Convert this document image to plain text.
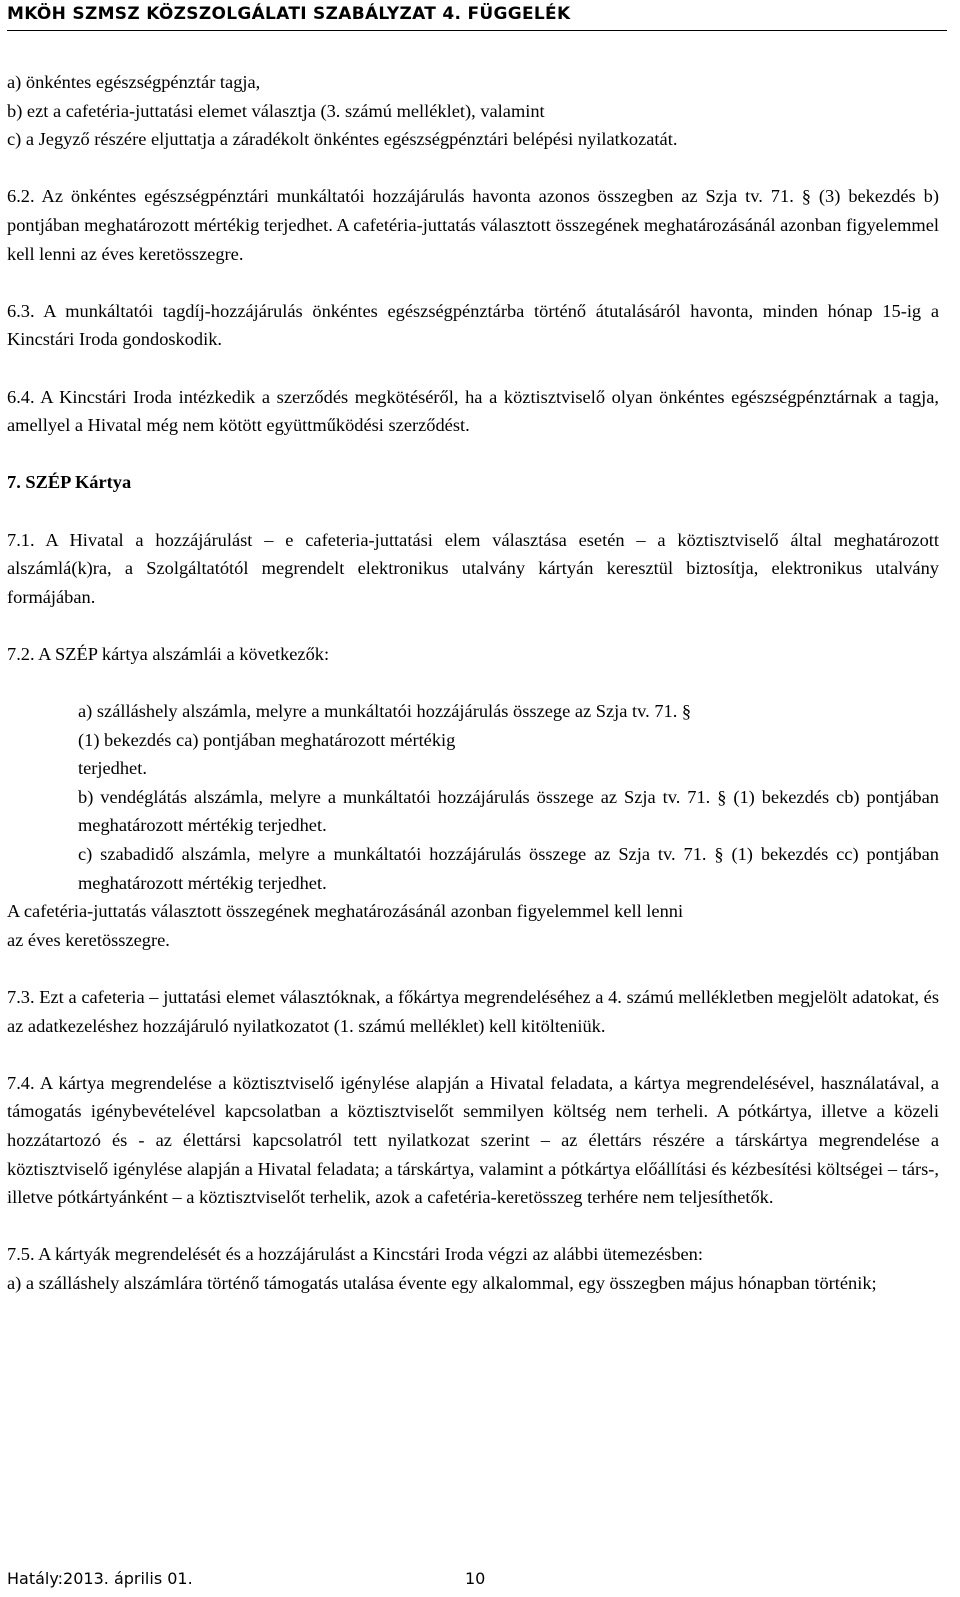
MKÖH SZMSZ KÖZSZOLGÁLATI SZABÁLYZAT 4. FÜGGELÉK

a) önkéntes egészségpénztár tagja,

b) ezt a cafetéria-juttatási elemet választja (3. számú melléklet), valamint

c) a Jegyző részére eljuttatja a záradékolt önkéntes egészségpénztári belépési nyilatkozatát.

6.2. Az önkéntes egészségpénztári munkáltatói hozzájárulás havonta azonos összegben az Szja tv. 71. § (3) bekezdés b) pontjában meghatározott mértékig terjedhet. A cafetéria-juttatás választott összegének meghatározásánál azonban figyelemmel kell lenni az éves keretösszegre.

6.3. A munkáltatói tagdíj-hozzájárulás önkéntes egészségpénztárba történő átutalásáról havonta, minden hónap 15-ig a Kincstári Iroda gondoskodik.

6.4. A Kincstári Iroda intézkedik a szerződés megkötéséről, ha a köztisztviselő olyan önkéntes egészségpénztárnak a tagja, amellyel a Hivatal még nem kötött együttműködési szerződést.

7. SZÉP Kártya

7.1. A Hivatal a hozzájárulást – e cafeteria-juttatási elem választása esetén – a köztisztviselő által meghatározott alszámlá(k)ra, a Szolgáltatótól megrendelt elektronikus utalvány kártyán keresztül biztosítja, elektronikus utalvány formájában.

7.2. A SZÉP kártya alszámlái a következők:

a) szálláshely alszámla, melyre a munkáltatói hozzájárulás összege az Szja tv. 71. §
(1) bekezdés ca) pontjában meghatározott mértékig
terjedhet.

b) vendéglátás alszámla, melyre a munkáltatói hozzájárulás összege az Szja tv. 71. § (1) bekezdés cb) pontjában meghatározott mértékig terjedhet.

c) szabadidő alszámla, melyre a munkáltatói hozzájárulás összege az Szja tv. 71. § (1) bekezdés cc) pontjában meghatározott mértékig terjedhet.

A cafetéria-juttatás választott összegének meghatározásánál azonban figyelemmel kell lenni
az éves keretösszegre.

7.3. Ezt a cafeteria – juttatási elemet választóknak, a főkártya megrendeléséhez a 4. számú mellékletben megjelölt adatokat, és az adatkezeléshez hozzájáruló nyilatkozatot (1. számú melléklet) kell kitölteniük.

7.4. A kártya megrendelése a köztisztviselő igénylése alapján a Hivatal feladata, a kártya megrendelésével, használatával, a támogatás igénybevételével kapcsolatban a köztisztviselőt semmilyen költség nem terheli. A pótkártya, illetve a közeli hozzátartozó és - az élettársi kapcsolatról tett nyilatkozat szerint – az élettárs részére a társkártya megrendelése a köztisztviselő igénylése alapján a Hivatal feladata; a társkártya, valamint a pótkártya előállítási és kézbesítési költségei – társ-, illetve pótkártyánként – a köztisztviselőt terhelik, azok a cafetéria-keretösszeg terhére nem teljesíthetők.

7.5. A kártyák megrendelését és a hozzájárulást a Kincstári Iroda végzi az alábbi ütemezésben:

a) a szálláshely alszámlára történő támogatás utalása évente egy alkalommal, egy összegben május hónapban történik;

Hatály:2013. április 01.	10
